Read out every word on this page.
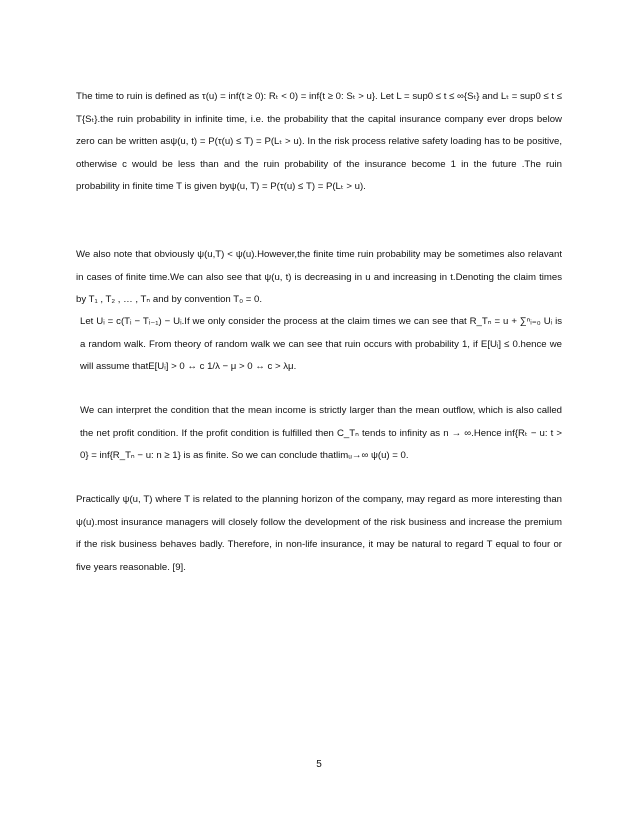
The time to ruin is defined as τ(u) = inf(t ≥ 0): Rₜ < 0) = inf{t ≥ 0: Sₜ > u}. Let L = sup0 ≤ t ≤ ∞{Sₜ} and Lₜ = sup0 ≤ t ≤ T{Sₜ}.the ruin probability in infinite time, i.e. the probability that the capital insurance company ever drops below zero can be written asψ(u, t) = P(τ(u) ≤ T) = P(Lₜ > u). In the risk process relative safety loading has to be positive, otherwise c would be less than and the ruin probability of the insurance become 1 in the future .The ruin probability in finite time T is given byψ(u, T) = P(τ(u) ≤ T) = P(Lₜ > u).

We also note that obviously ψ(u,T) < ψ(u).However,the finite time ruin probability may be sometimes also relavant in cases of finite time.We can also see that ψ(u, t) is decreasing in u and increasing in t.Denoting the claim times by T₁ , T₂ , … , Tₙ and by convention T₀ = 0.

Let Uᵢ = c(Tᵢ − Tᵢ₋₁) − Uᵢ.If we only consider the process at the claim times we can see that R_Tₙ = u + ∑ⁿᵢ₌₀ Uᵢ is a random walk. From theory of random walk we can see that ruin occurs with probability 1, if E[Uᵢ] ≤ 0.hence we will assume thatE[Uᵢ] > 0 ↔ c 1/λ − μ > 0 ↔ c > λμ.

We can interpret the condition that the mean income is strictly larger than the mean outflow, which is also called the net profit condition. If the profit condition is fulfilled then C_Tₙ tends to infinity as n → ∞.Hence inf{Rₜ − u: t > 0} = inf{R_Tₙ − u: n ≥ 1} is as finite. So we can conclude thatlimᵤ→∞ ψ(u) = 0.

Practically ψ(u, T) where T is related to the planning horizon of the company, may regard as more interesting than ψ(u).most insurance managers will closely follow the development of the risk business and increase the premium if the risk business behaves badly. Therefore, in non-life insurance, it may be natural to regard T equal to four or five years reasonable. [9].

5
